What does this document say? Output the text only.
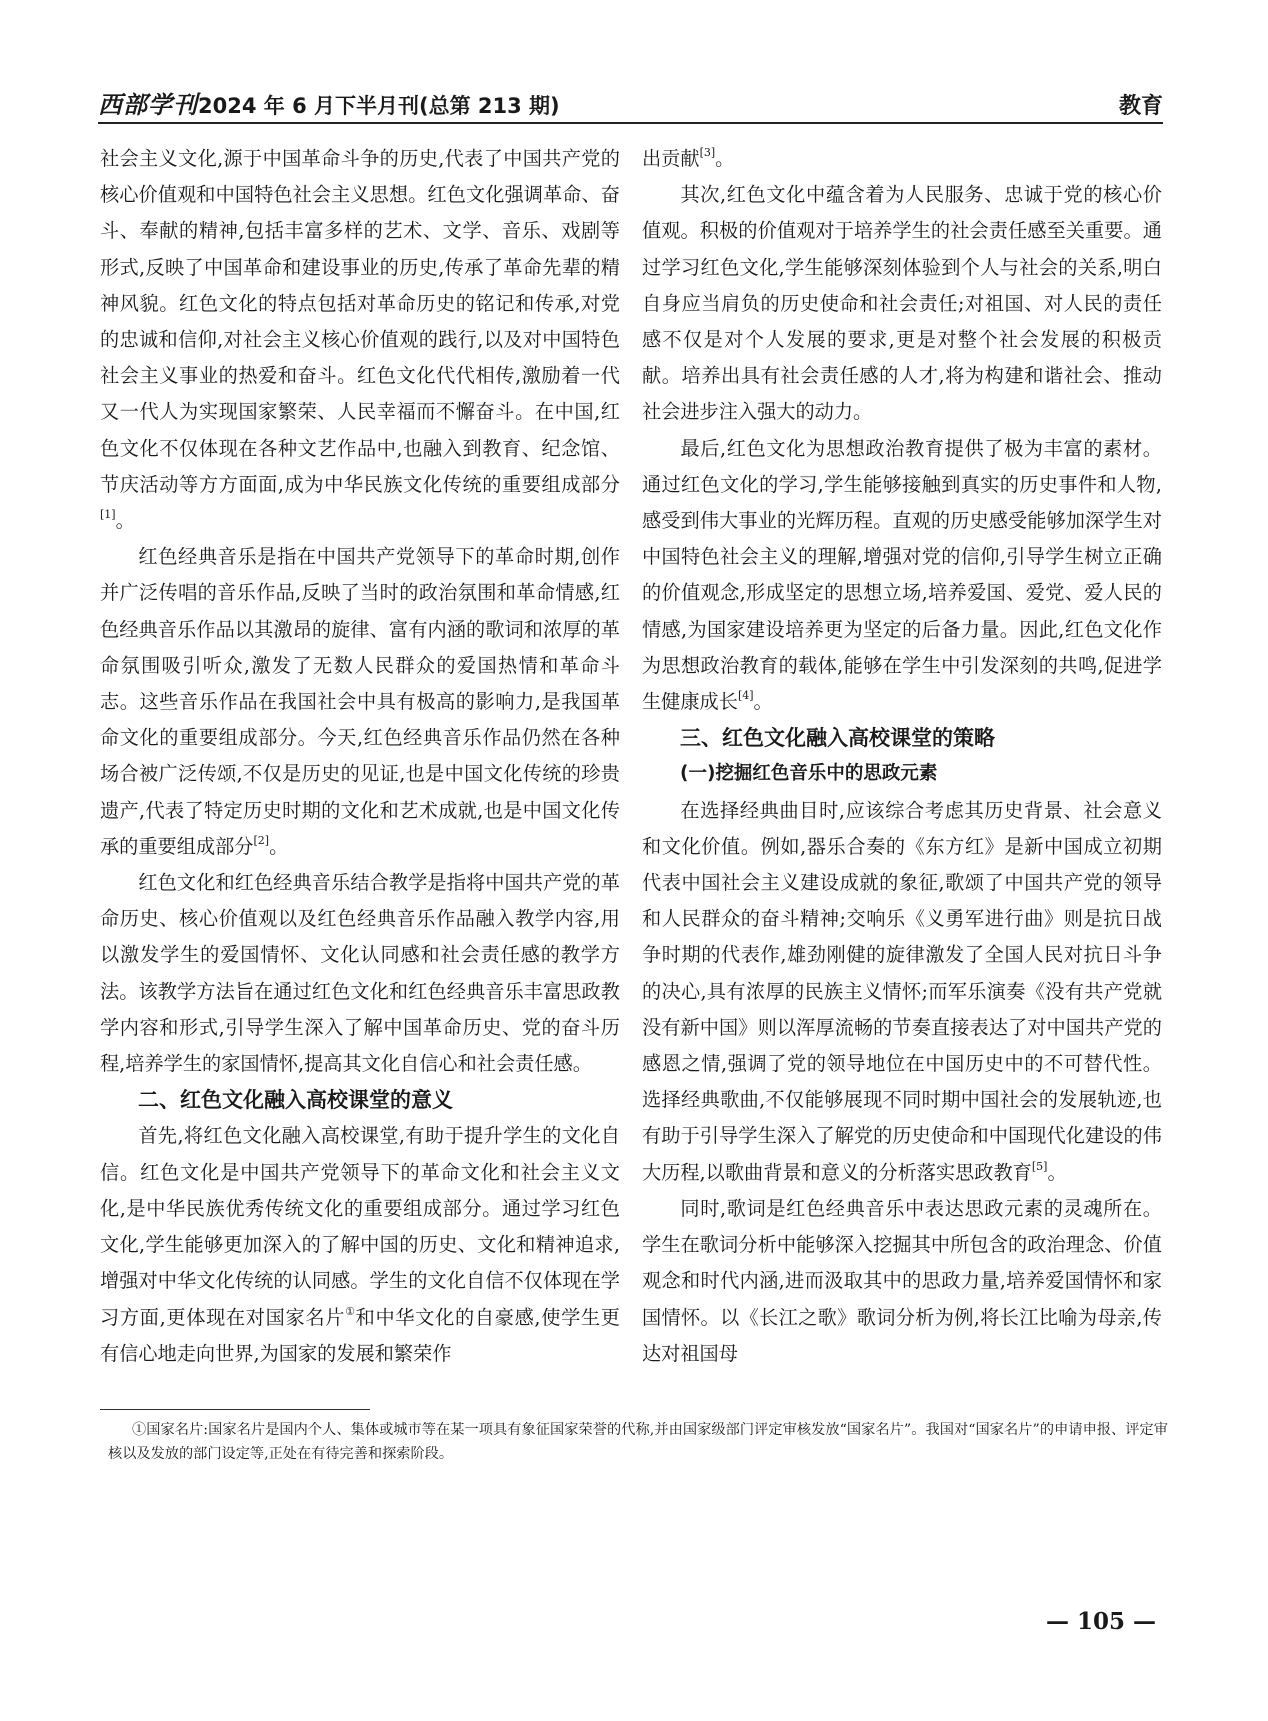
西部学刊2024 年 6 月下半月刊(总第 213 期)	教育

社会主义文化,源于中国革命斗争的历史,代表了中国共产党的核心价值观和中国特色社会主义思想。红色文化强调革命、奋斗、奉献的精神,包括丰富多样的艺术、文学、音乐、戏剧等形式,反映了中国革命和建设事业的历史,传承了革命先辈的精神风貌。红色文化的特点包括对革命历史的铭记和传承,对党的忠诚和信仰,对社会主义核心价值观的践行,以及对中国特色社会主义事业的热爱和奋斗。红色文化代代相传,激励着一代又一代人为实现国家繁荣、人民幸福而不懈奋斗。在中国,红色文化不仅体现在各种文艺作品中,也融入到教育、纪念馆、节庆活动等方方面面,成为中华民族文化传统的重要组成部分[1]。

红色经典音乐是指在中国共产党领导下的革命时期,创作并广泛传唱的音乐作品,反映了当时的政治氛围和革命情感,红色经典音乐作品以其激昂的旋律、富有内涵的歌词和浓厚的革命氛围吸引听众,激发了无数人民群众的爱国热情和革命斗志。这些音乐作品在我国社会中具有极高的影响力,是我国革命文化的重要组成部分。今天,红色经典音乐作品仍然在各种场合被广泛传颂,不仅是历史的见证,也是中国文化传统的珍贵遗产,代表了特定历史时期的文化和艺术成就,也是中国文化传承的重要组成部分[2]。

红色文化和红色经典音乐结合教学是指将中国共产党的革命历史、核心价值观以及红色经典音乐作品融入教学内容,用以激发学生的爱国情怀、文化认同感和社会责任感的教学方法。该教学方法旨在通过红色文化和红色经典音乐丰富思政教学内容和形式,引导学生深入了解中国革命历史、党的奋斗历程,培养学生的家国情怀,提高其文化自信心和社会责任感。

二、红色文化融入高校课堂的意义

首先,将红色文化融入高校课堂,有助于提升学生的文化自信。红色文化是中国共产党领导下的革命文化和社会主义文化,是中华民族优秀传统文化的重要组成部分。通过学习红色文化,学生能够更加深入的了解中国的历史、文化和精神追求,增强对中华文化传统的认同感。学生的文化自信不仅体现在学习方面,更体现在对国家名片①和中华文化的自豪感,使学生更有信心地走向世界,为国家的发展和繁荣作

出贡献[3]。

其次,红色文化中蕴含着为人民服务、忠诚于党的核心价值观。积极的价值观对于培养学生的社会责任感至关重要。通过学习红色文化,学生能够深刻体验到个人与社会的关系,明白自身应当肩负的历史使命和社会责任;对祖国、对人民的责任感不仅是对个人发展的要求,更是对整个社会发展的积极贡献。培养出具有社会责任感的人才,将为构建和谐社会、推动社会进步注入强大的动力。

最后,红色文化为思想政治教育提供了极为丰富的素材。通过红色文化的学习,学生能够接触到真实的历史事件和人物,感受到伟大事业的光辉历程。直观的历史感受能够加深学生对中国特色社会主义的理解,增强对党的信仰,引导学生树立正确的价值观念,形成坚定的思想立场,培养爱国、爱党、爱人民的情感,为国家建设培养更为坚定的后备力量。因此,红色文化作为思想政治教育的载体,能够在学生中引发深刻的共鸣,促进学生健康成长[4]。

三、红色文化融入高校课堂的策略
(一)挖掘红色音乐中的思政元素

在选择经典曲目时,应该综合考虑其历史背景、社会意义和文化价值。例如,器乐合奏的《东方红》是新中国成立初期代表中国社会主义建设成就的象征,歌颂了中国共产党的领导和人民群众的奋斗精神;交响乐《义勇军进行曲》则是抗日战争时期的代表作,雄劲刚健的旋律激发了全国人民对抗日斗争的决心,具有浓厚的民族主义情怀;而军乐演奏《没有共产党就没有新中国》则以浑厚流畅的节奏直接表达了对中国共产党的感恩之情,强调了党的领导地位在中国历史中的不可替代性。选择经典歌曲,不仅能够展现不同时期中国社会的发展轨迹,也有助于引导学生深入了解党的历史使命和中国现代化建设的伟大历程,以歌曲背景和意义的分析落实思政教育[5]。

同时,歌词是红色经典音乐中表达思政元素的灵魂所在。学生在歌词分析中能够深入挖掘其中所包含的政治理念、价值观念和时代内涵,进而汲取其中的思政力量,培养爱国情怀和家国情怀。以《长江之歌》歌词分析为例,将长江比喻为母亲,传达对祖国母

①国家名片:国家名片是国内个人、集体或城市等在某一项具有象征国家荣誉的代称,并由国家级部门评定审核发放“国家名片”。我国对“国家名片”的申请申报、评定审核以及发放的部门设定等,正处在有待完善和探索阶段。
— 105 —
